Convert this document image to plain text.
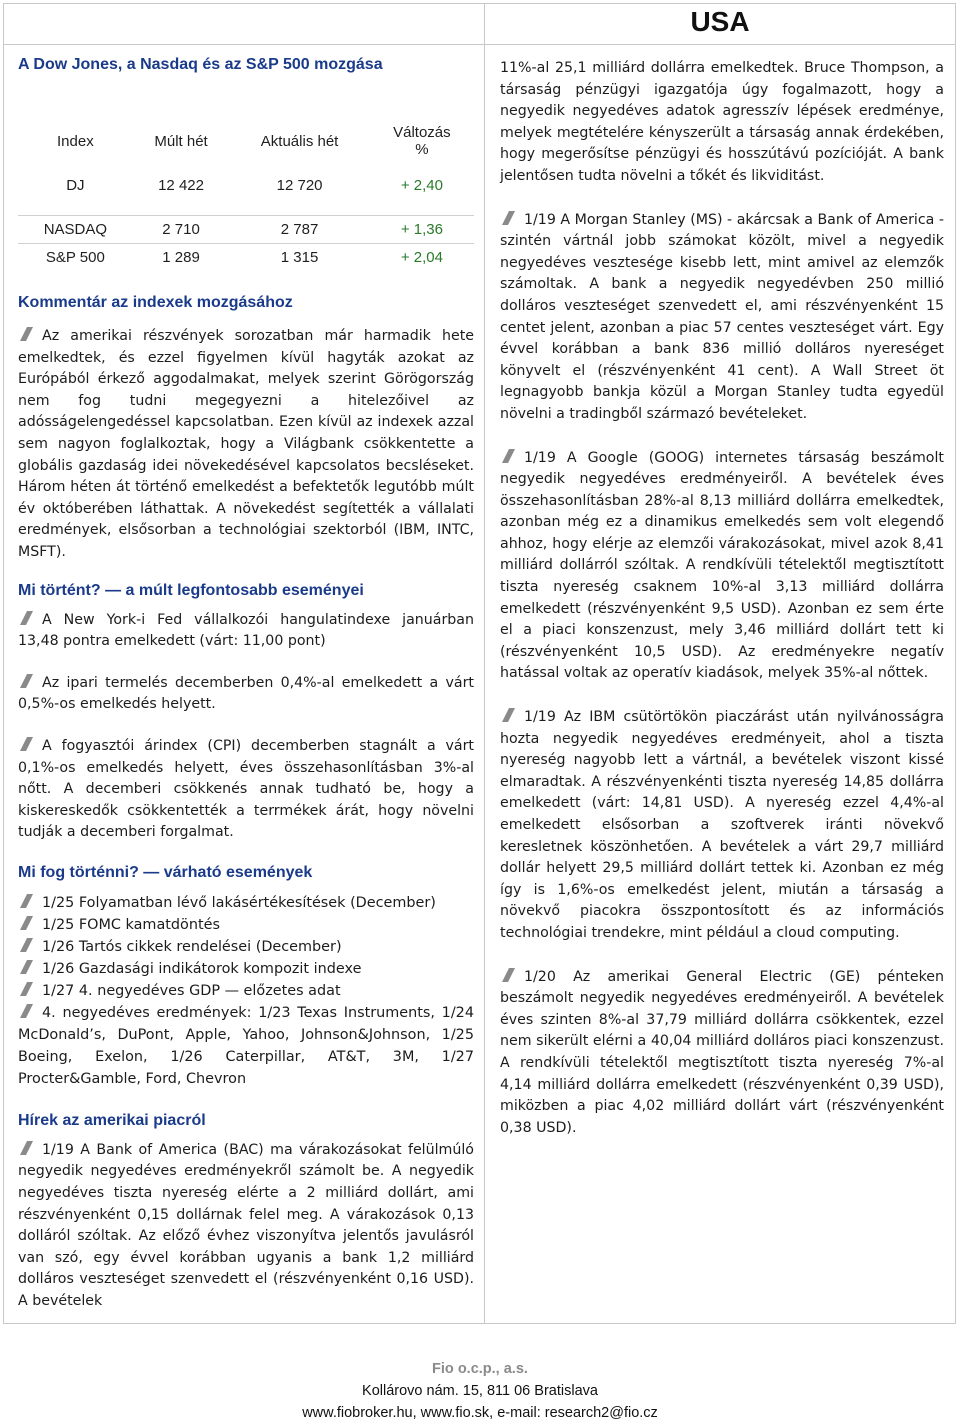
USA
A Dow Jones, a Nasdaq és az S&P 500 mozgása
Index	Múlt hét	Aktuális hét	Változás
%
DJ	12 422	12 720	+ 2,40

NASDAQ	2 710	2 787	+ 1,36

S&P 500	1 289	1 315	+ 2,04
Kommentár az indexek mozgásához

Az amerikai részvények sorozatban már harmadik hete emelkedtek, és ezzel figyelmen kívül hagyták azokat az Európából érkező aggodalmakat, melyek szerint Görögország nem fog tudni megegyezni a hitelezőivel az adósságelengedéssel kapcsolatban. Ezen kívül az indexek azzal sem nagyon foglalkoztak, hogy a Világbank csökkentette a globális gazdaság idei növekedésével kapcsolatos becsléseket. Három héten át történő emelkedést a befektetők legutóbb múlt év októberében láthattak. A növekedést segítették a vállalati eredmények, elsősorban a technológiai szektorból (IBM, INTC, MSFT).

Mi történt? — a múlt legfontosabb eseményei

A New York-i Fed vállalkozói hangulatindexe januárban 13,48 pontra emelkedett (várt: 11,00 pont)

Az ipari termelés decemberben 0,4%-al emelkedett a várt 0,5%-os emelkedés helyett.

A fogyasztói árindex (CPI) decemberben stagnált a várt 0,1%-os emelkedés helyett, éves összehasonlításban 3%-al nőtt. A decemberi csökkenés annak tudható be, hogy a kiskereskedők csökkentették a terrmékek árát, hogy növelni tudják a decemberi forgalmat.

Mi fog történni? — várható események

1/25 Folyamatban lévő lakásértékesítések (December)

1/25 FOMC kamatdöntés

1/26 Tartós cikkek rendelései (December)

1/26 Gazdasági indikátorok kompozit indexe

1/27 4. negyedéves GDP — előzetes adat

4. negyedéves eredmények: 1/23 Texas Instruments, 1/24 McDonald’s, DuPont, Apple, Yahoo, Johnson&Johnson, 1/25 Boeing, Exelon, 1/26 Caterpillar, AT&T, 3M, 1/27 Procter&Gamble, Ford, Chevron

Hírek az amerikai piacról

1/19 A Bank of America (BAC) ma várakozásokat felülmúló negyedik negyedéves eredményekről számolt be. A negyedik negyedéves tiszta nyereség elérte a 2 milliárd dollárt, ami részvényenként 0,15 dollárnak felel meg. A várakozások 0,13 dolláról szóltak. Az előző évhez viszonyítva jelentős javulásról van szó, egy évvel korábban ugyanis a bank 1,2 milliárd dolláros veszteséget szenvedett el (részvényenként 0,16 USD). A bevételek

11%-al 25,1 milliárd dollárra emelkedtek. Bruce Thompson, a társaság pénzügyi igazgatója úgy fogalmazott, hogy a negyedik negyedéves adatok agresszív lépések eredménye, melyek megtételére kényszerült a társaság annak érdekében, hogy megerősítse pénzügyi és hosszútávú pozícióját. A bank jelentősen tudta növelni a tőkét és likviditást.

1/19 A Morgan Stanley (MS) - akárcsak a Bank of America - szintén vártnál jobb számokat közölt, mivel a negyedik negyedéves vesztesége kisebb lett, mint amivel az elemzők számoltak. A bank a negyedik negyedévben 250 millió dolláros veszteséget szenvedett el, ami részvényenként 15 centet jelent, azonban a piac 57 centes veszteséget várt. Egy évvel korábban a bank 836 millió dolláros nyereséget könyvelt el (részvényenként 41 cent). A Wall Street öt legnagyobb bankja közül a Morgan Stanley tudta egyedül növelni a tradingből származó bevételeket.

1/19 A Google (GOOG) internetes társaság beszámolt negyedik negyedéves eredményeiről. A bevételek éves összehasonlításban 28%-al 8,13 milliárd dollárra emelkedtek, azonban még ez a dinamikus emelkedés sem volt elegendő ahhoz, hogy elérje az elemzői várakozásokat, mivel azok 8,41 milliárd dollárról szóltak. A rendkívüli tételektől megtisztított tiszta nyereség csaknem 10%-al 3,13 milliárd dollárra emelkedett (részvényenként 9,5 USD). Azonban ez sem érte el a piaci konszenzust, mely 3,46 milliárd dollárt tett ki (részvényenként 10,5 USD). Az eredményekre negatív hatással voltak az operatív kiadások, melyek 35%-al nőttek.

1/19 Az IBM csütörtökön piaczárást után nyilvánosságra hozta negyedik negyedéves eredményeit, ahol a tiszta nyereség nagyobb lett a vártnál, a bevételek viszont kissé elmaradtak. A részvényenkénti tiszta nyereség 14,85 dollárra emelkedett (várt: 14,81 USD). A nyereség ezzel 4,4%-al emelkedett elsősorban a szoftverek iránti növekvő keresletnek köszönhetően. A bevételek a várt 29,7 milliárd dollár helyett 29,5 milliárd dollárt tettek ki. Azonban ez még így is 1,6%-os emelkedést jelent, miután a társaság a növekvő piacokra összpontosított és az információs technológiai trendekre, mint például a cloud computing.

1/20 Az amerikai General Electric (GE) pénteken beszámolt negyedik negyedéves eredményeiről. A bevételek éves szinten 8%-al 37,79 milliárd dollárra csökkentek, ezzel nem sikerült elérni a 40,04 milliárd dolláros piaci konszenzust. A rendkívüli tételektől megtisztított tiszta nyereség 7%-al 4,14 milliárd dollárra emelkedett (részvényenként 0,39 USD), miközben a piac 4,02 milliárd dollárt várt (részvényenként 0,38 USD).

Fio o.c.p., a.s.
Kollárovo nám. 15, 811 06 Bratislava
www.fiobroker.hu, www.fio.sk, e-mail: research2@fio.cz
